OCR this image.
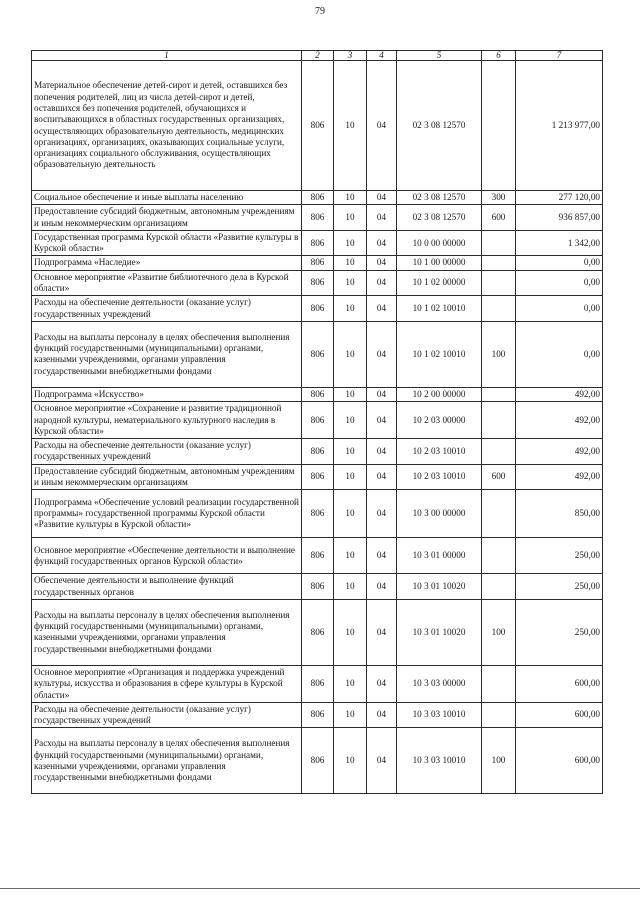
79
1	2	3	4	5	6	7
Материальное обеспечение детей-сирот и детей, оставшихся без попечения родителей, лиц из числа детей-сирот и детей, оставшихся без попечения родителей, обучающихся и воспитывающихся в областных государственных организациях, осуществляющих образовательную деятельность, медицинских организациях, организациях, оказывающих социальные услуги, организациях социального обслуживания, осуществляющих образовательную деятельность	806	10	04	02 3 08 12570		1 213 977,00
Социальное обеспечение и иные выплаты населению	806	10	04	02 3 08 12570	300	277 120,00
Предоставление субсидий бюджетным, автономным учреждениям и иным некоммерческим организациям	806	10	04	02 3 08 12570	600	936 857,00
Государственная программа Курской области «Развитие культуры в Курской области»	806	10	04	10 0 00 00000		1 342,00
Подпрограмма «Наследие»	806	10	04	10 1 00 00000		0,00
Основное мероприятие «Развитие библиотечного дела в Курской области»	806	10	04	10 1 02 00000		0,00
Расходы на обеспечение деятельности (оказание услуг) государственных учреждений	806	10	04	10 1 02 10010		0,00
Расходы на выплаты персоналу в целях обеспечения выполнения функций государственными (муниципальными) органами, казенными учреждениями, органами управления государственными внебюджетными фондами	806	10	04	10 1 02 10010	100	0,00
Подпрограмма «Искусство»	806	10	04	10 2 00 00000		492,00
Основное мероприятие «Сохранение и развитие традиционной народной культуры, нематериального культурного наследия в Курской области»	806	10	04	10 2 03 00000		492,00
Расходы на обеспечение деятельности (оказание услуг) государственных учреждений	806	10	04	10 2 03 10010		492,00
Предоставление субсидий бюджетным, автономным учреждениям и иным некоммерческим организациям	806	10	04	10 2 03 10010	600	492,00
Подпрограмма «Обеспечение условий реализации государственной программы» государственной программы Курской области «Развитие культуры в Курской области»	806	10	04	10 3 00 00000		850,00
Основное мероприятие «Обеспечение деятельности и выполнение функций государственных органов Курской области»	806	10	04	10 3 01 00000		250,00
Обеспечение деятельности и выполнение функций государственных органов	806	10	04	10 3 01 10020		250,00
Расходы на выплаты персоналу в целях обеспечения выполнения функций государственными (муниципальными) органами, казенными учреждениями, органами управления государственными внебюджетными фондами	806	10	04	10 3 01 10020	100	250,00
Основное мероприятие «Организация и поддержка учреждений культуры, искусства и образования в сфере культуры в Курской области»	806	10	04	10 3 03 00000		600,00
Расходы на обеспечение деятельности (оказание услуг) государственных учреждений	806	10	04	10 3 03 10010		600,00
Расходы на выплаты персоналу в целях обеспечения выполнения функций государственными (муниципальными) органами, казенными учреждениями, органами управления государственными внебюджетными фондами	806	10	04	10 3 03 10010	100	600,00
